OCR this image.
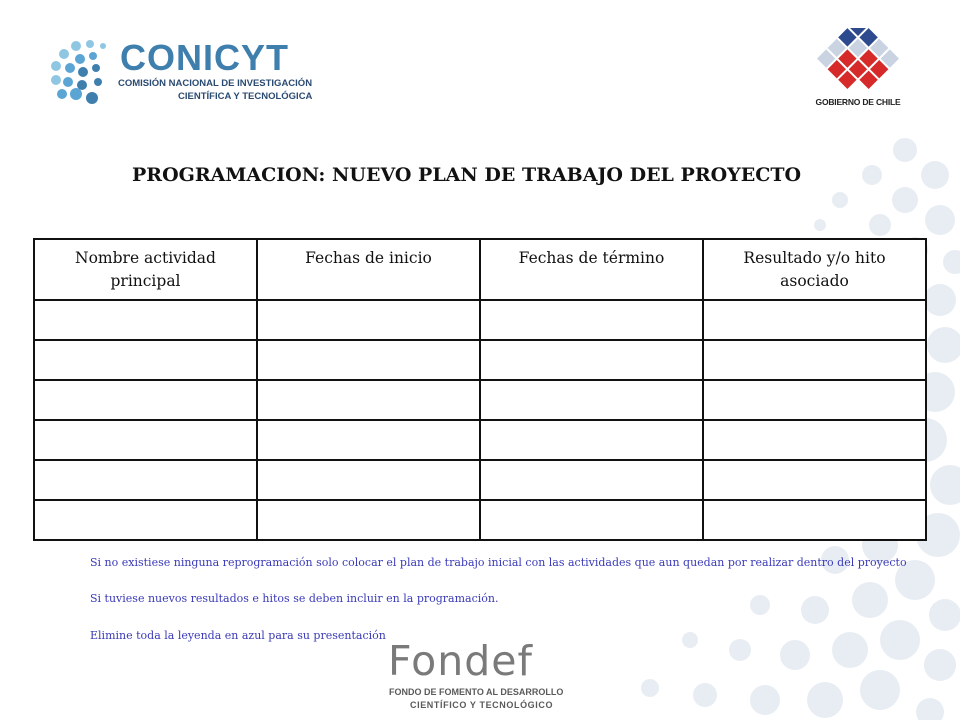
CONICYT
COMISIÓN NACIONAL DE INVESTIGACIÓN
CIENTÍFICA Y TECNOLÓGICA	GOBIERNO DE CHILE
PROGRAMACION: NUEVO PLAN DE TRABAJO DEL PROYECTO
Nombre actividad principal	Fechas de inicio	Fechas de término	Resultado y/o hito asociado

Si no existiese ninguna reprogramación solo colocar el plan de trabajo inicial con las actividades que aun quedan por realizar dentro del proyecto
Si tuviese nuevos resultados e hitos se deben incluir en la programación.
Elimine toda la leyenda en azul para su presentación
Fondef
FONDO DE FOMENTO AL DESARROLLO
CIENTÍFICO Y TECNOLÓGICO
